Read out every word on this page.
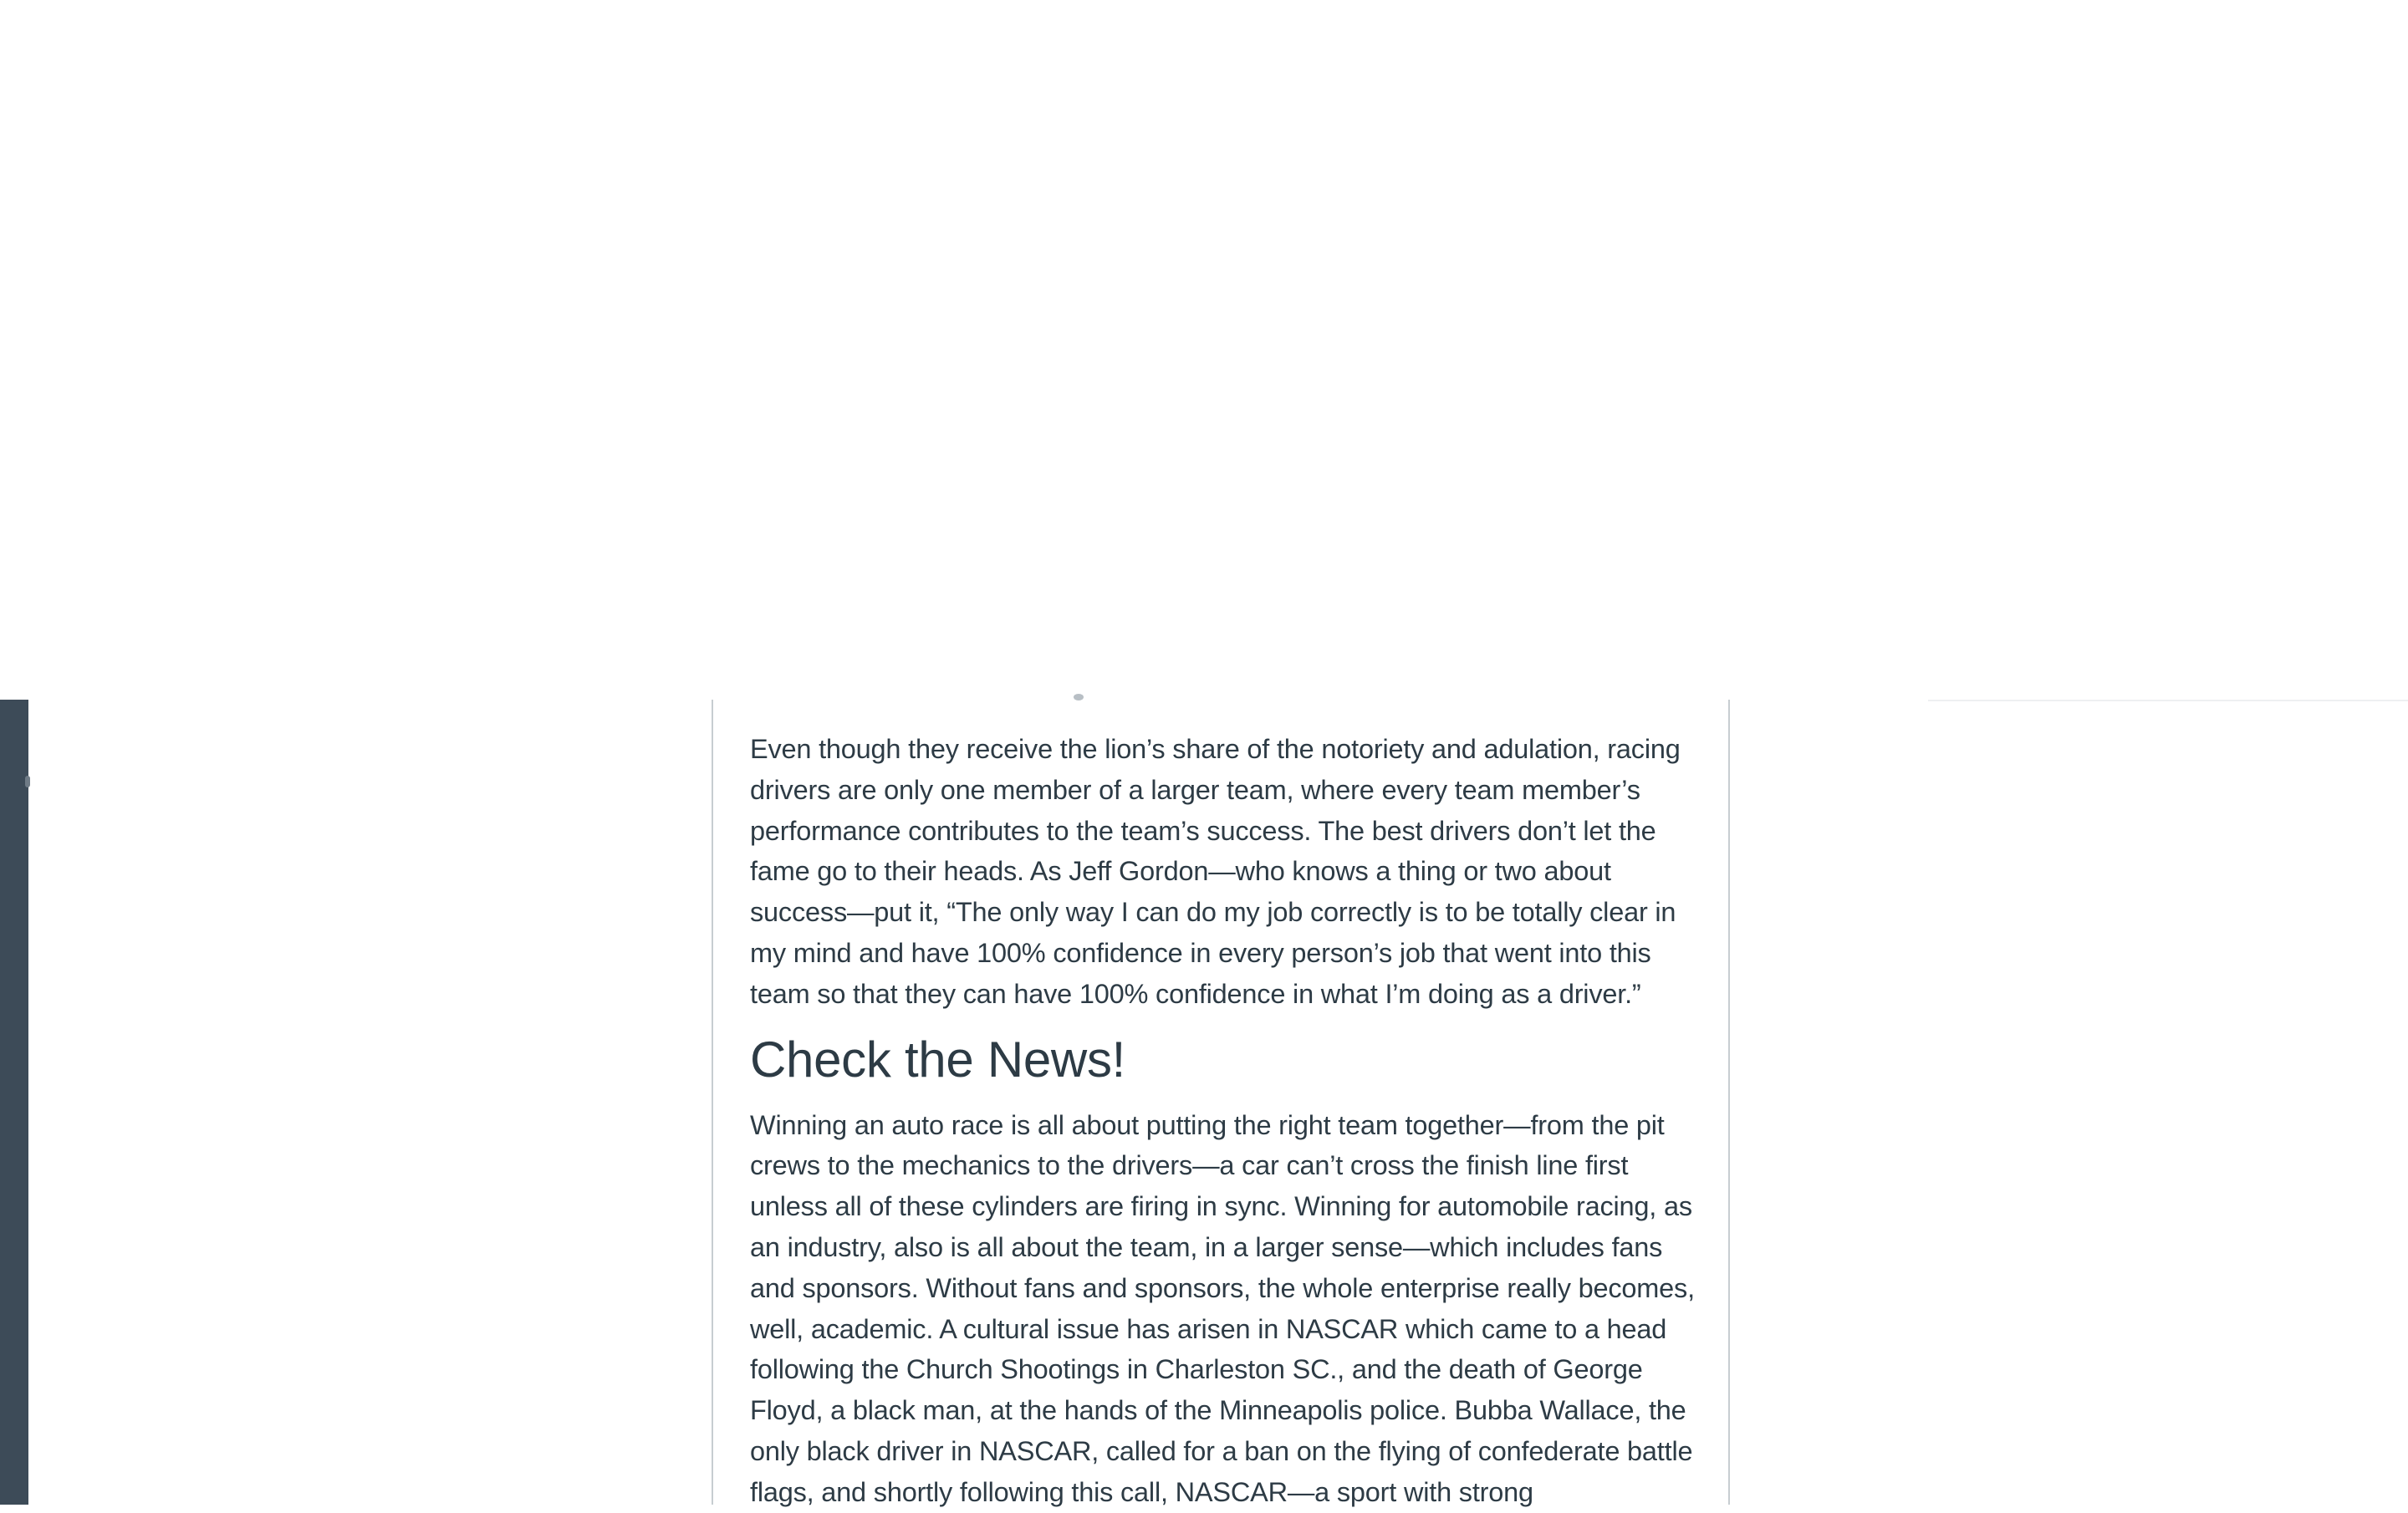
Even though they receive the lion’s share of the notoriety and adulation, racing drivers are only one member of a larger team, where every team member’s performance contributes to the team’s success. The best drivers don’t let the fame go to their heads. As Jeff Gordon—who knows a thing or two about success—put it, “The only way I can do my job correctly is to be totally clear in my mind and have 100% confidence in every person’s job that went into this team so that they can have 100% confidence in what I’m doing as a driver.”

Check the News!

Winning an auto race is all about putting the right team together—from the pit crews to the mechanics to the drivers—a car can’t cross the finish line first unless all of these cylinders are firing in sync. Winning for automobile racing, as an industry, also is all about the team, in a larger sense—which includes fans and sponsors. Without fans and sponsors, the whole enterprise really becomes, well, academic. A cultural issue has arisen in NASCAR which came to a head following the Church Shootings in Charleston SC., and the death of George Floyd, a black man, at the hands of the Minneapolis police. Bubba Wallace, the only black driver in NASCAR, called for a ban on the flying of confederate battle flags, and shortly following this call, NASCAR—a sport with strong
